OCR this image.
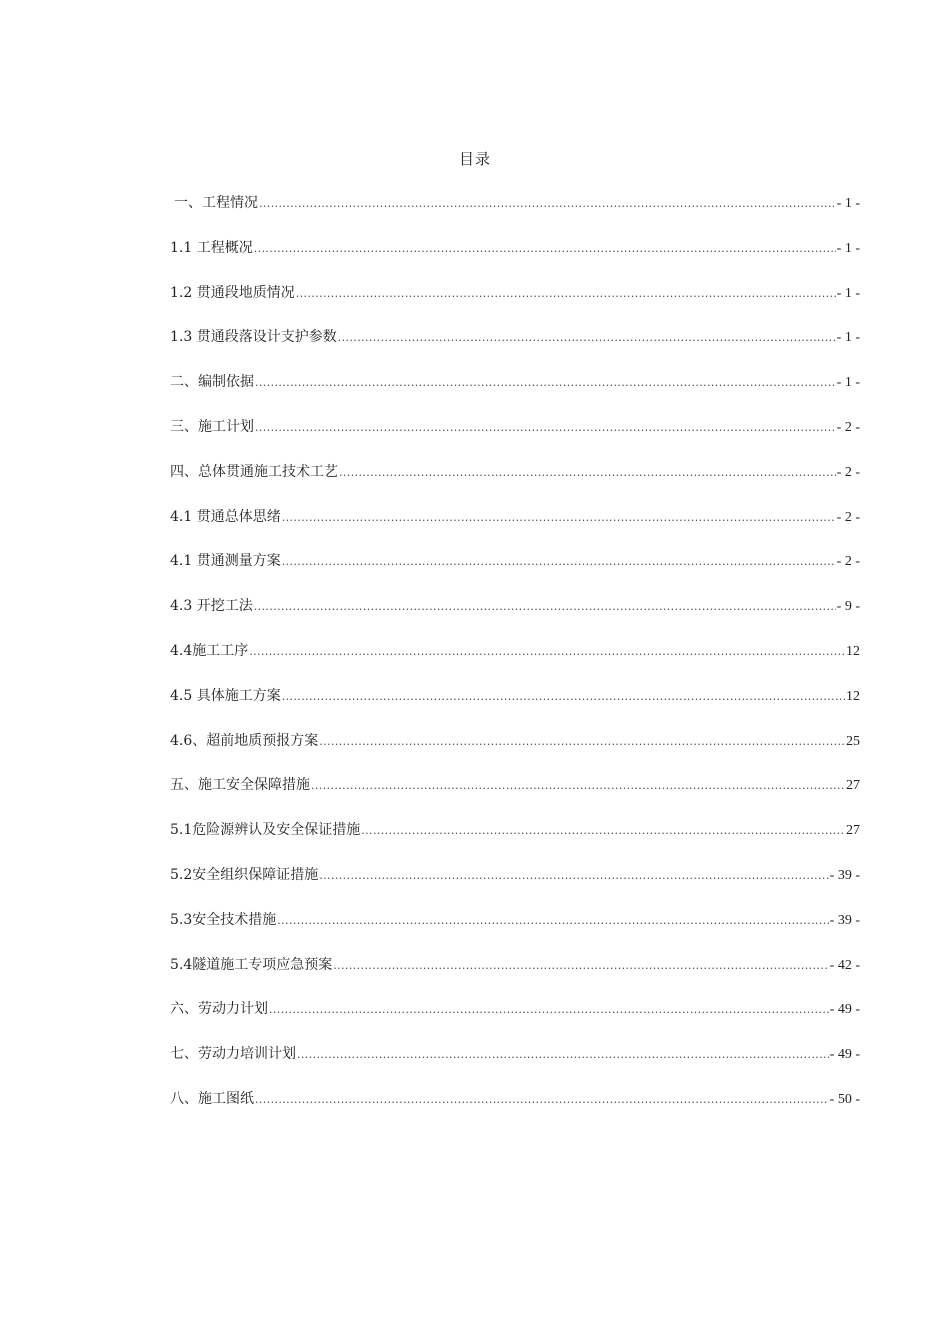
目录
一、工程情况 .....	- 1 -
1.1 工程概况 .....	- 1 -
1.2 贯通段地质情况 .....	- 1 -
1.3 贯通段落设计支护参数 .....	- 1 -
二、编制依据 .....	- 1 -
三、施工计划 .....	- 2 -
四、总体贯通施工技术工艺 .....	- 2 -
4.1 贯通总体思绪 .....	- 2 -
4.1 贯通测量方案 .....	- 2 -
4.3 开挖工法 .....	- 9 -
4.4施工工序 .....	12
4.5 具体施工方案 .....	12
4.6、超前地质预报方案 .....	25
五、施工安全保障措施 .....	27
5.1危险源辨认及安全保证措施 .....	27
5.2安全组织保障证措施 .....	- 39 -
5.3安全技术措施 .....	- 39 -
5.4隧道施工专项应急预案 .....	- 42 -
六、劳动力计划 .....	- 49 -
七、劳动力培训计划 .....	- 49 -
八、施工图纸 .....	- 50 -
